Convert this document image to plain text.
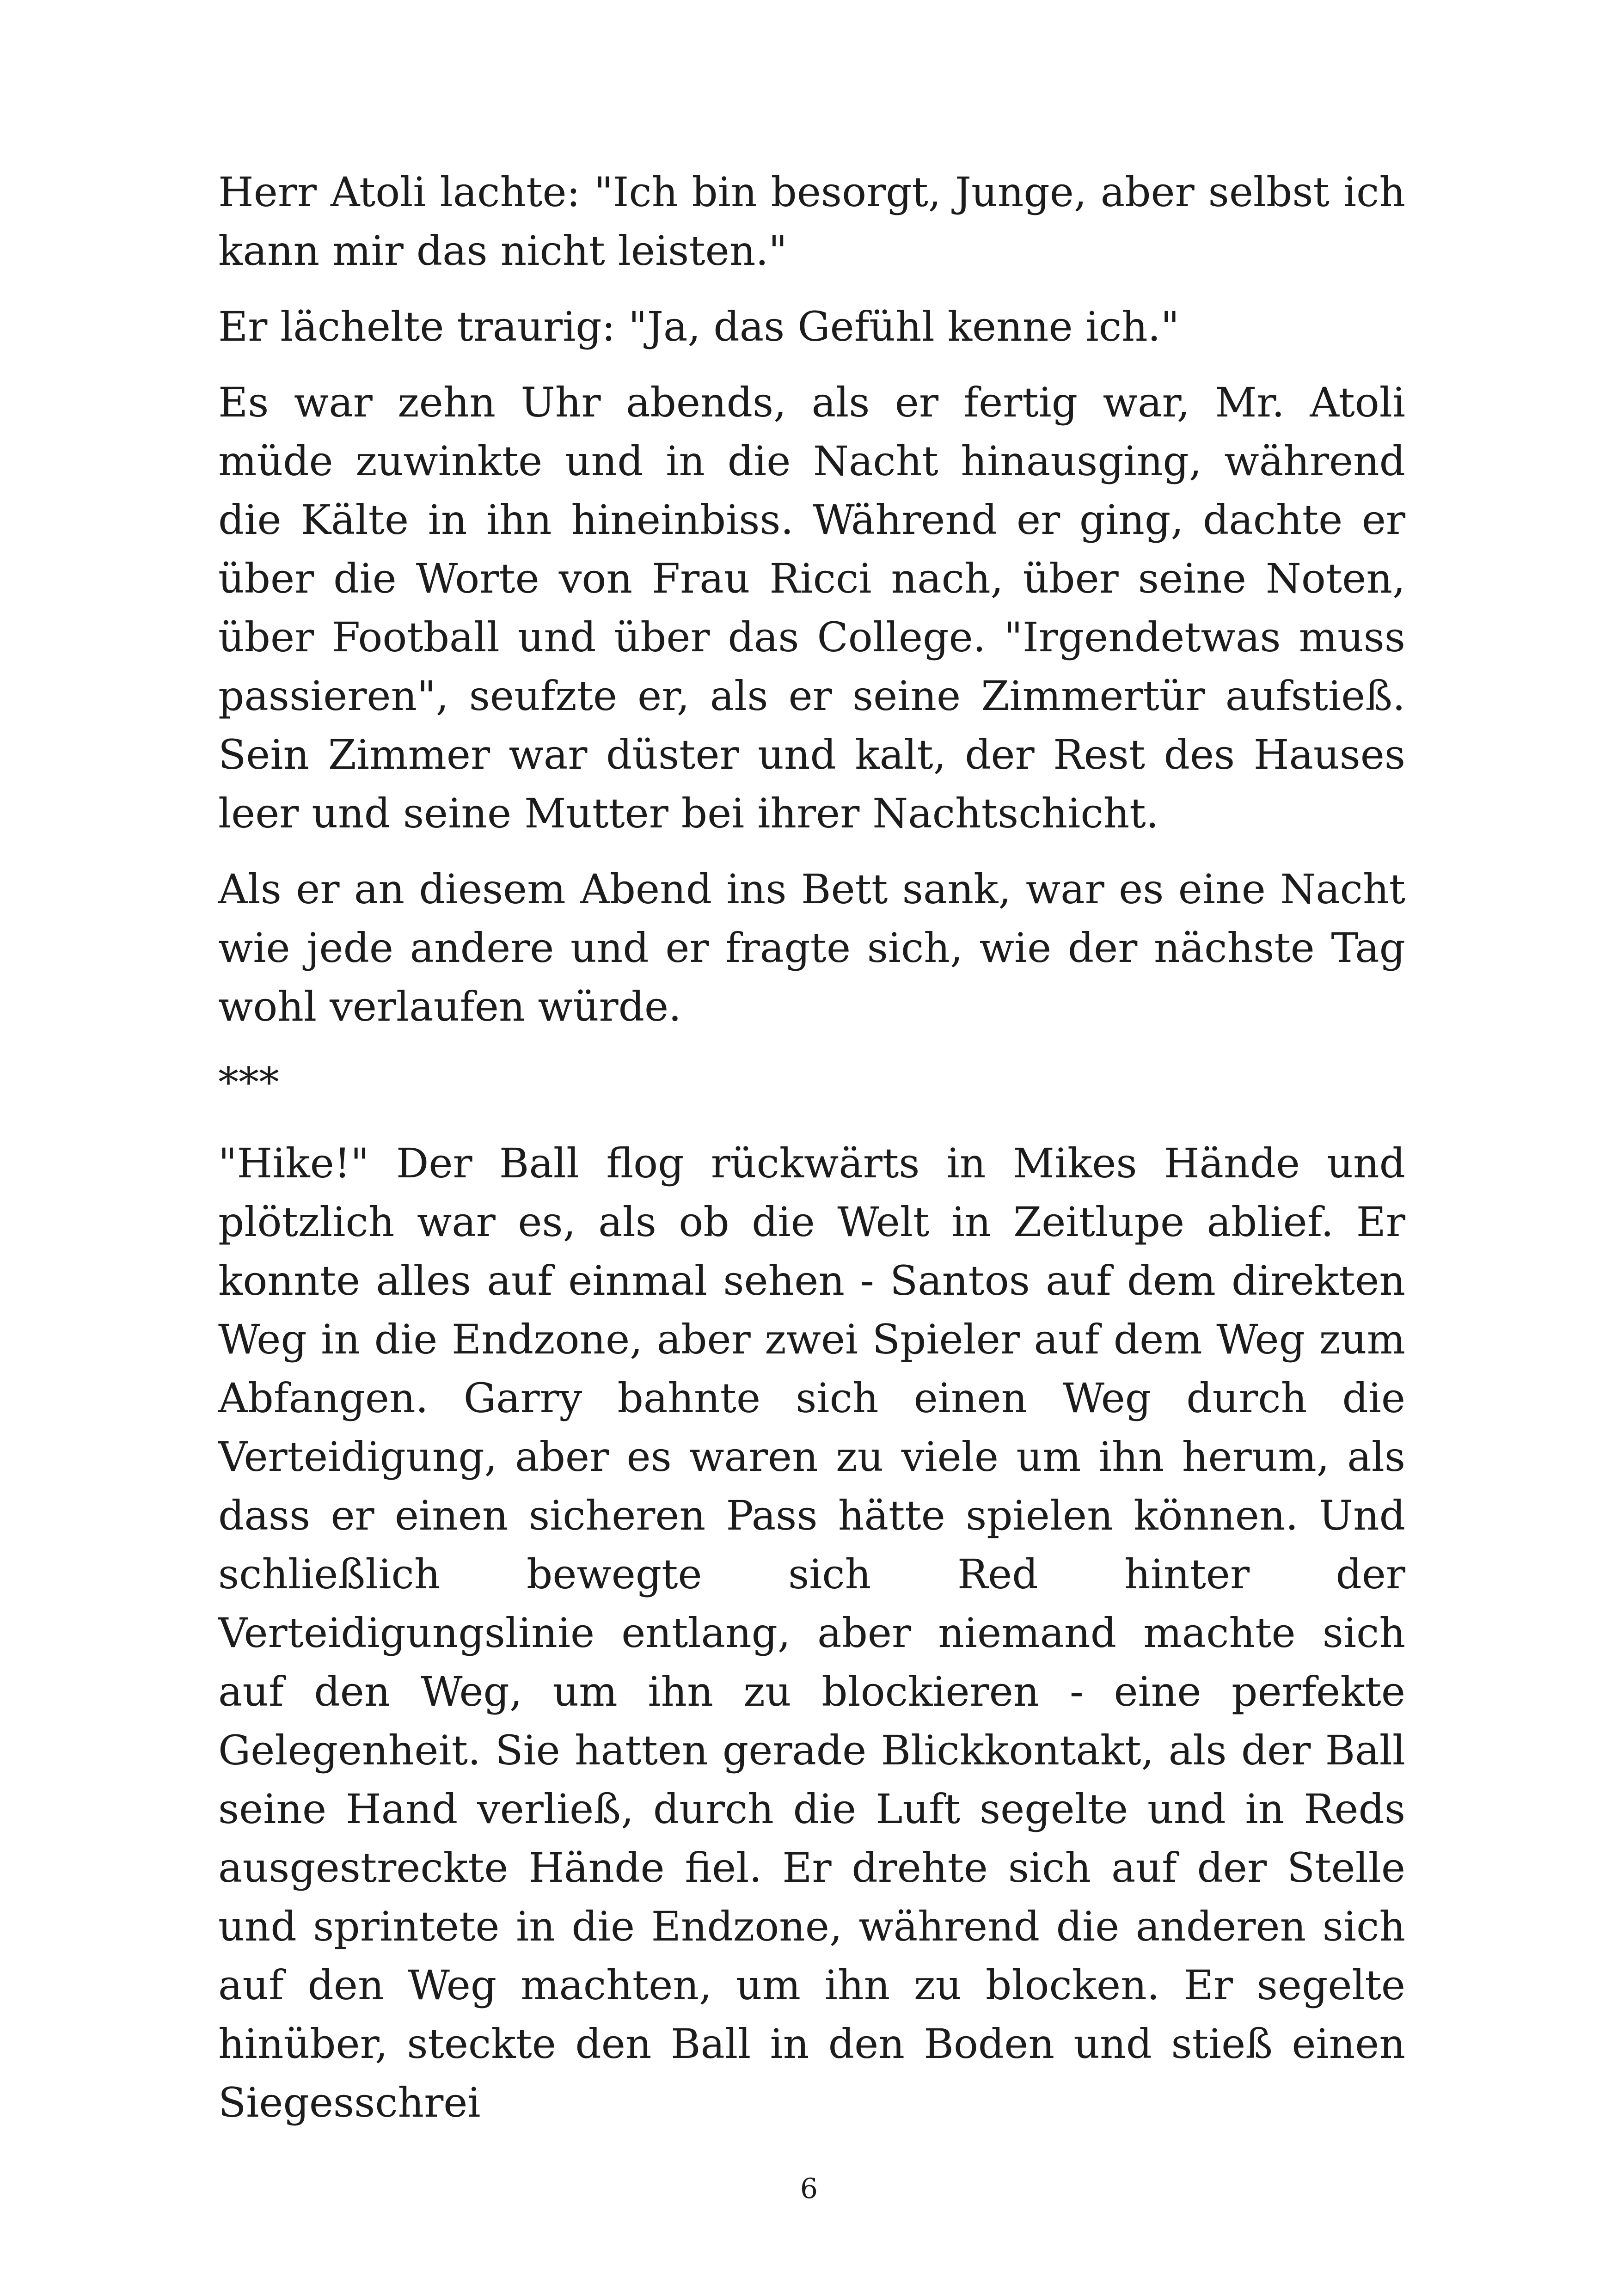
Herr Atoli lachte: "Ich bin besorgt, Junge, aber selbst ich kann mir das nicht leisten."

Er lächelte traurig: "Ja, das Gefühl kenne ich."

Es war zehn Uhr abends, als er fertig war, Mr. Atoli müde zuwinkte und in die Nacht hinausging, während die Kälte in ihn hineinbiss. Während er ging, dachte er über die Worte von Frau Ricci nach, über seine Noten, über Football und über das College. "Irgendetwas muss passieren", seufzte er, als er seine Zimmertür aufstieß. Sein Zimmer war düster und kalt, der Rest des Hauses leer und seine Mutter bei ihrer Nachtschicht.

Als er an diesem Abend ins Bett sank, war es eine Nacht wie jede andere und er fragte sich, wie der nächste Tag wohl verlaufen würde.

***

"Hike!" Der Ball flog rückwärts in Mikes Hände und plötzlich war es, als ob die Welt in Zeitlupe ablief. Er konnte alles auf einmal sehen - Santos auf dem direkten Weg in die Endzone, aber zwei Spieler auf dem Weg zum Abfangen. Garry bahnte sich einen Weg durch die Verteidigung, aber es waren zu viele um ihn herum, als dass er einen sicheren Pass hätte spielen können. Und schließlich bewegte sich Red hinter der Verteidigungslinie entlang, aber niemand machte sich auf den Weg, um ihn zu blockieren - eine perfekte Gelegenheit. Sie hatten gerade Blickkontakt, als der Ball seine Hand verließ, durch die Luft segelte und in Reds ausgestreckte Hände fiel. Er drehte sich auf der Stelle und sprintete in die Endzone, während die anderen sich auf den Weg machten, um ihn zu blocken. Er segelte hinüber, steckte den Ball in den Boden und stieß einen Siegesschrei

6
